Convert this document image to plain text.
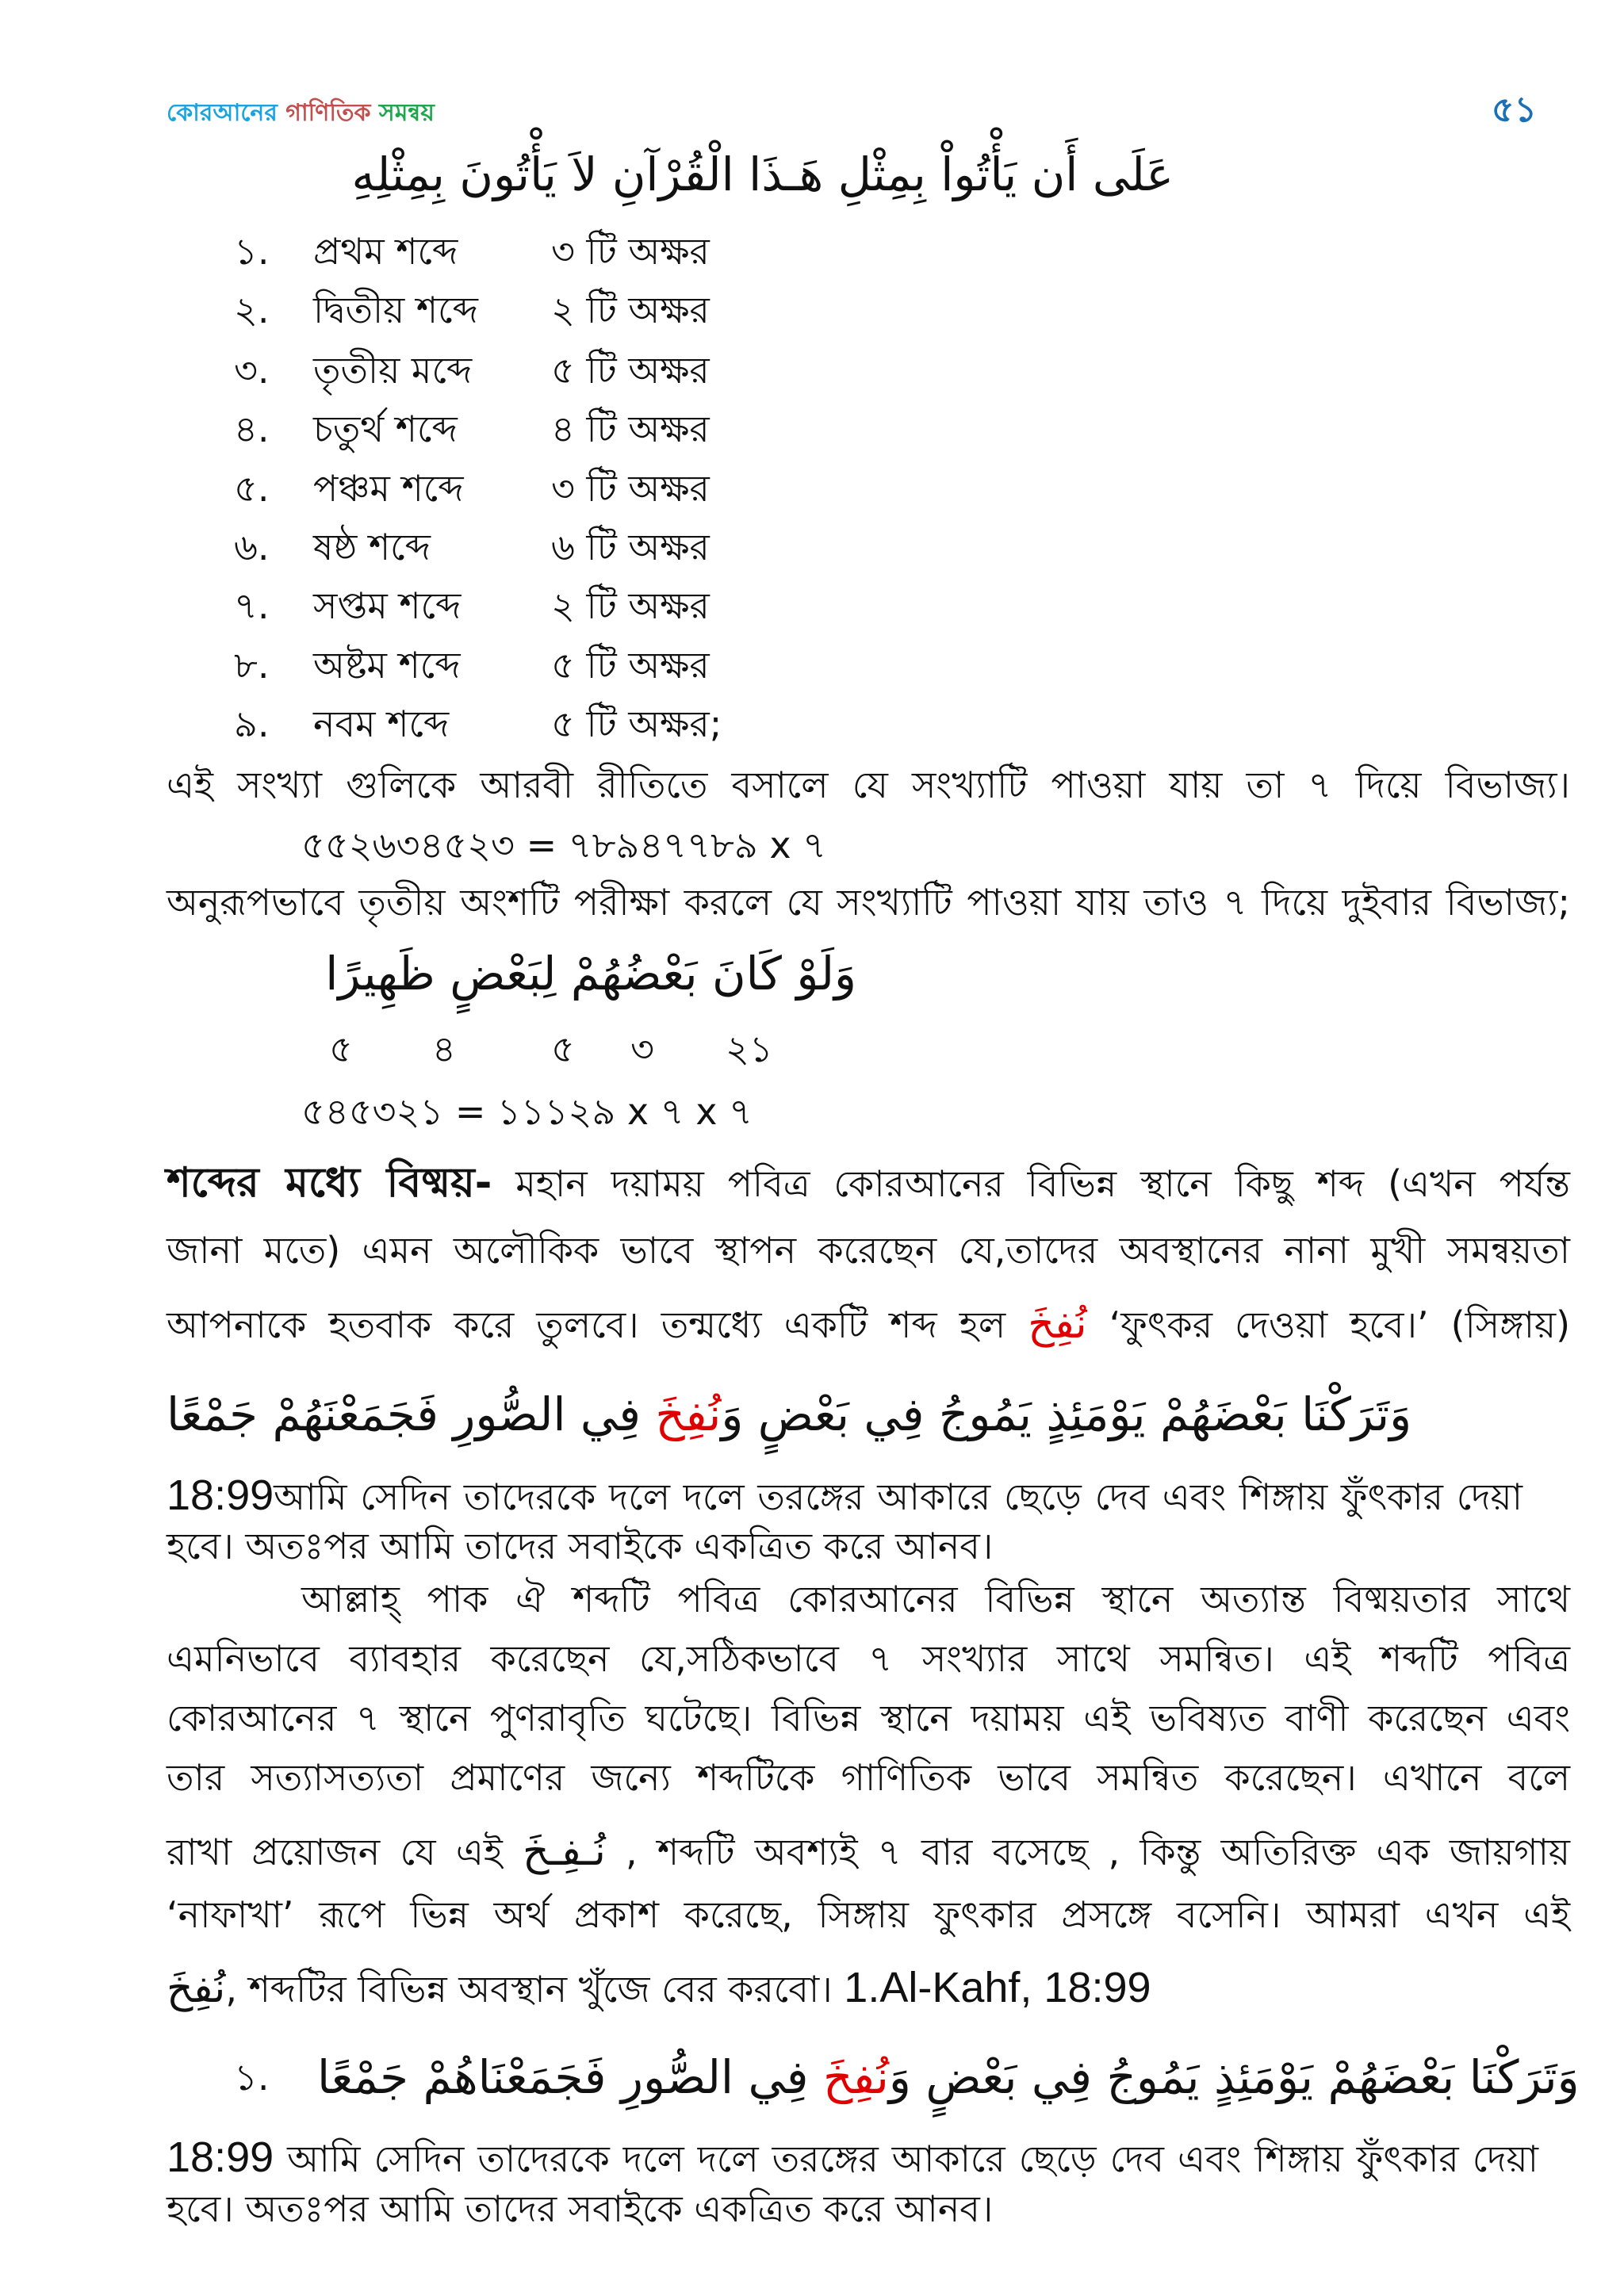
কোরআনের গাণিতিক সমন্বয়	৫১
عَلَى أَن يَأْتُواْ بِمِثْلِ هَـذَا الْقُرْآنِ لاَ يَأْتُونَ بِمِثْلِهِ
১. প্রথম শব্দে	৩ টি অক্ষর
২. দ্বিতীয় শব্দে ২ টি অক্ষর
৩. তৃতীয় মব্দে ৫ টি অক্ষর
৪. চতুর্থ শব্দে	৪ টি অক্ষর
৫. পঞ্চম শব্দে ৩ টি অক্ষর
৬. ষষ্ঠ শব্দে	৬ টি অক্ষর
৭. সপ্তম শব্দে ২ টি অক্ষর
৮. অষ্টম শব্দে ৫ টি অক্ষর
৯. নবম শব্দে	৫ টি অক্ষর;
এই সংখ্যা গুলিকে আরবী রীতিতে বসালে যে সংখ্যাটি পাওয়া যায় তা ৭ দিয়ে বিভাজ্য।
৫৫২৬৩৪৫২৩ = ৭৮৯৪৭৭৮৯ x ৭
অনুরূপভাবে তৃতীয় অংশটি পরীক্ষা করলে যে সংখ্যাটি পাওয়া যায় তাও ৭ দিয়ে দুইবার বিভাজ্য;
وَلَوْ كَانَ بَعْضُهُمْ لِبَعْضٍ ظَهِيرًا
৫ ৪	৫ ৩ ২১
৫৪৫৩২১ = ১১১২৯ x ৭ x ৭
শব্দের মধ্যে বিষ্ময়- মহান দয়াময় পবিত্র কোরআনের বিভিন্ন স্থানে কিছু শব্দ (এখন পর্যন্ত
জানা মতে) এমন অলৌকিক ভাবে স্থাপন করেছেন যে,তাদের অবস্থানের নানা মুখী সমন্বয়তা
আপনাকে হতবাক করে তুলবে। তন্মধ্যে একটি শব্দ হল نُفِخَ ‘ফুৎকর দেওয়া হবে।’ (সিঙ্গায়)
وَتَرَكْنَا بَعْضَهُمْ يَوْمَئِذٍ يَمُوجُ فِي بَعْضٍ وَنُفِخَ فِي الصُّورِ فَجَمَعْنَهُمْ جَمْعًا
18:99আমি সেদিন তাদেরকে দলে দলে তরঙ্গের আকারে ছেড়ে দেব এবং শিঙ্গায় ফুঁৎকার দেয়া
হবে। অতঃপর আমি তাদের সবাইকে একত্রিত করে আনব।
আল্লাহ্ পাক ঐ শব্দটি পবিত্র কোরআনের বিভিন্ন স্থানে অত্যান্ত বিষ্ময়তার সাথে
এমনিভাবে ব্যাবহার করেছেন যে,সঠিকভাবে ৭ সংখ্যার সাথে সমন্বিত। এই শব্দটি পবিত্র
কোরআনের ৭ স্থানে পুণরাবৃতি ঘটেছে। বিভিন্ন স্থানে দয়াময় এই ভবিষ্যত বাণী করেছেন এবং
তার সত্যাসত্যতা প্রমাণের জন্যে শব্দটিকে গাণিতিক ভাবে সমন্বিত করেছেন। এখানে বলে
রাখা প্রয়োজন যে এই نُـفِـخَ , শব্দটি অবশ্যই ৭ বার বসেছে , কিন্তু অতিরিক্ত এক জায়গায়
‘নাফাখা’ রূপে ভিন্ন অর্থ প্রকাশ করেছে, সিঙ্গায় ফুৎকার প্রসঙ্গে বসেনি। আমরা এখন এই
نُفِخَ, শব্দটির বিভিন্ন অবস্থান খুঁজে বের করবো। 1.Al-Kahf, 18:99
১.	وَتَرَكْنَا بَعْضَهُمْ يَوْمَئِذٍ يَمُوجُ فِي بَعْضٍ وَنُفِخَ فِي الصُّورِ فَجَمَعْنَاهُمْ جَمْعًا
18:99 আমি সেদিন তাদেরকে দলে দলে তরঙ্গের আকারে ছেড়ে দেব এবং শিঙ্গায় ফুঁৎকার দেয়া
হবে। অতঃপর আমি তাদের সবাইকে একত্রিত করে আনব।
